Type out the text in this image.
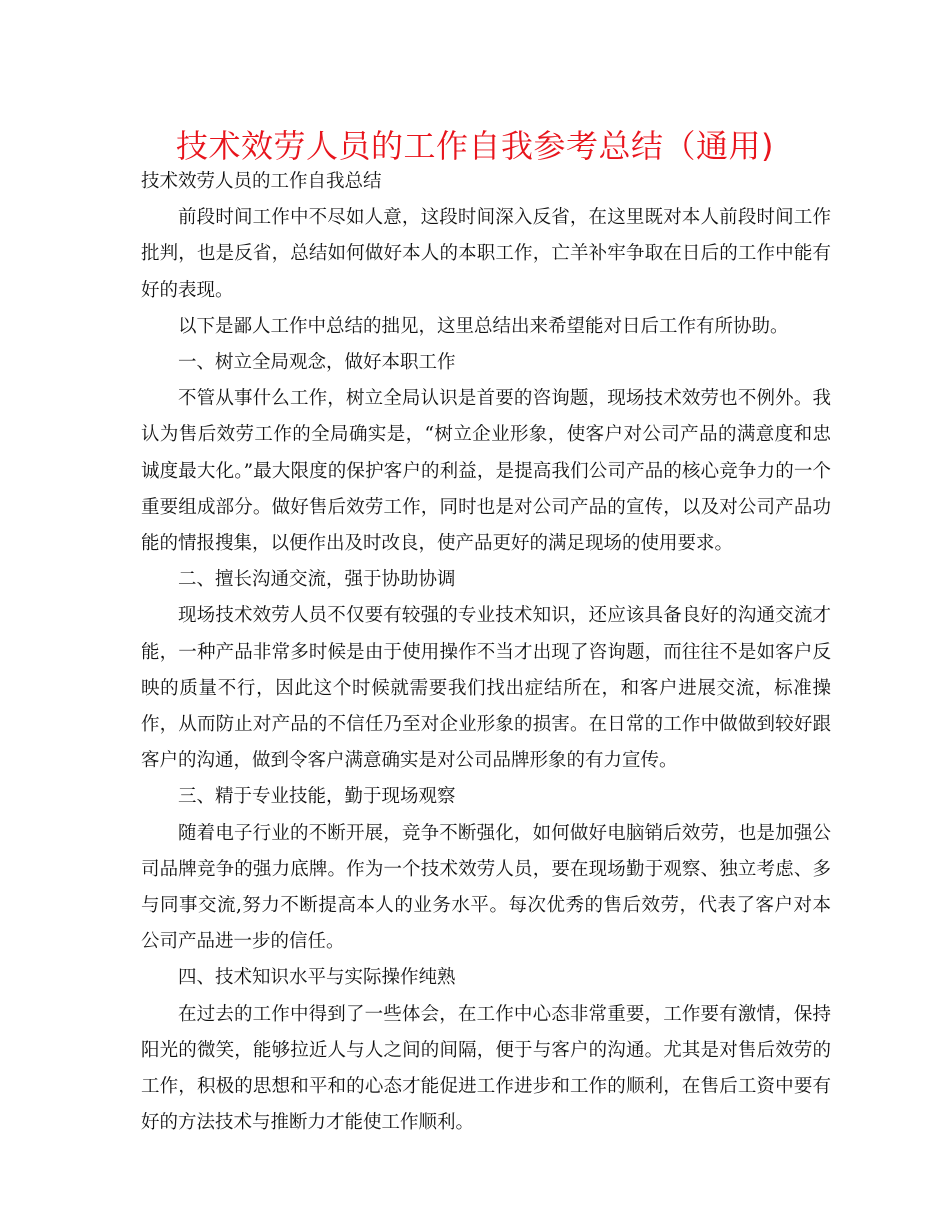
技术效劳人员的工作自我参考总结（通用)

技术效劳人员的工作自我总结

前段时间工作中不尽如人意，这段时间深入反省，在这里既对本人前段时间工作批判，也是反省，总结如何做好本人的本职工作，亡羊补牢争取在日后的工作中能有好的表现。

以下是鄙人工作中总结的拙见，这里总结出来希望能对日后工作有所协助。

一、树立全局观念，做好本职工作

不管从事什么工作，树立全局认识是首要的咨询题，现场技术效劳也不例外。我认为售后效劳工作的全局确实是，“树立企业形象，使客户对公司产品的满意度和忠诚度最大化。”最大限度的保护客户的利益，是提高我们公司产品的核心竞争力的一个重要组成部分。做好售后效劳工作，同时也是对公司产品的宣传，以及对公司产品功能的情报搜集，以便作出及时改良，使产品更好的满足现场的使用要求。

二、擅长沟通交流，强于协助协调

现场技术效劳人员不仅要有较强的专业技术知识，还应该具备良好的沟通交流才能，一种产品非常多时候是由于使用操作不当才出现了咨询题，而往往不是如客户反映的质量不行，因此这个时候就需要我们找出症结所在，和客户进展交流，标准操作，从而防止对产品的不信任乃至对企业形象的损害。在日常的工作中做做到较好跟客户的沟通，做到令客户满意确实是对公司品牌形象的有力宣传。

三、精于专业技能，勤于现场观察

随着电子行业的不断开展，竞争不断强化，如何做好电脑销后效劳，也是加强公司品牌竞争的强力底牌。作为一个技术效劳人员，要在现场勤于观察、独立考虑、多与同事交流,努力不断提高本人的业务水平。每次优秀的售后效劳，代表了客户对本公司产品进一步的信任。

四、技术知识水平与实际操作纯熟

在过去的工作中得到了一些体会，在工作中心态非常重要，工作要有激情，保持阳光的微笑，能够拉近人与人之间的间隔，便于与客户的沟通。尤其是对售后效劳的工作，积极的思想和平和的心态才能促进工作进步和工作的顺利，在售后工资中要有好的方法技术与推断力才能使工作顺利。
